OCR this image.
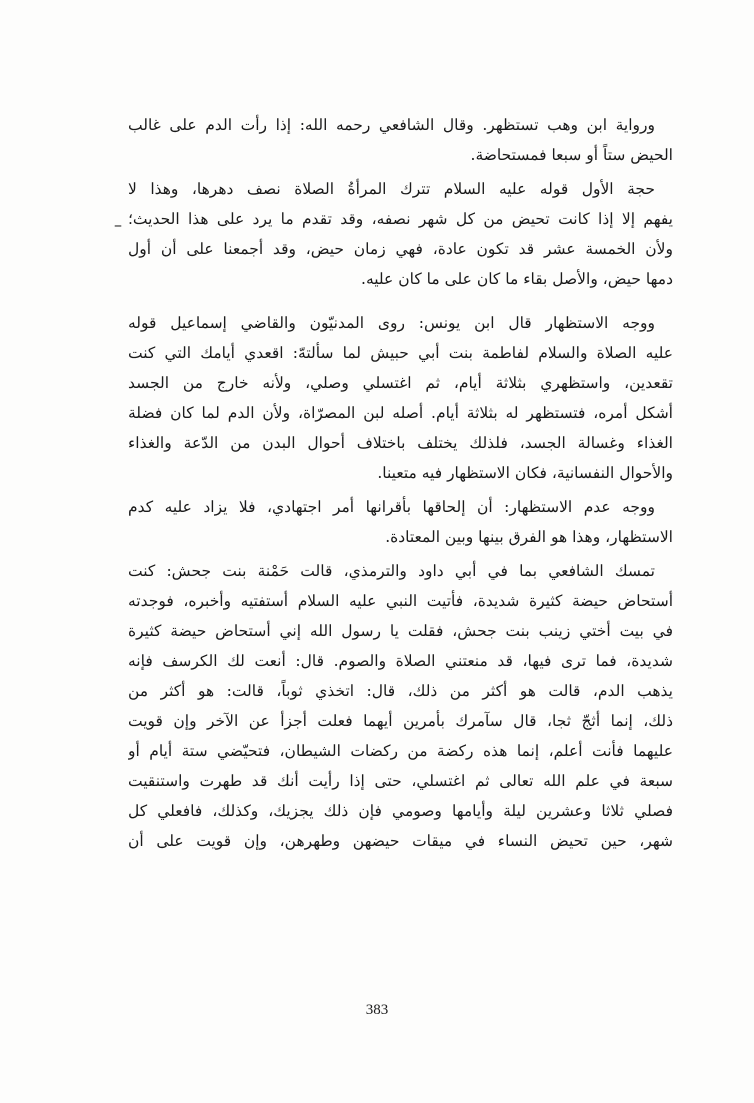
–

ورواية ابن وهب تستظهر. وقال الشافعي رحمه الله: إذا رأت الدم على غالب
الحيض ستاً أو سبعا فمستحاضة.

حجة الأول قوله عليه السلام تترك المرأةُ الصلاة نصف دهرها، وهذا لا
يفهم إلا إذا كانت تحيض من كل شهر نصفه، وقد تقدم ما يرد على هذا الحديث؛
ولأن الخمسة عشر قد تكون عادة، فهي زمان حيض، وقد أجمعنا على أن أول
دمها حيض، والأصل بقاء ما كان على ما كان عليه.

ووجه الاستظهار قال ابن يونس: روى المدنيّون والقاضي إسماعيل قوله
عليه الصلاة والسلام لفاطمة بنت أبي حبيش لما سألتهّ: اقعدي أيامك التي كنت
تقعدين، واستظهري بثلاثة أيام، ثم اغتسلي وصلي، ولأنه خارج من الجسد
أشكل أمره، فتستظهر له بثلاثة أيام. أصله لبن المصرّاة، ولأن الدم لما كان فضلة
الغذاء وغسالة الجسد، فلذلك يختلف باختلاف أحوال البدن من الدّعة والغذاء
والأحوال النفسانية، فكان الاستظهار فيه متعينا.

ووجه عدم الاستظهار: أن إلحاقها بأقرانها أمر اجتهادي، فلا يزاد عليه كدم
الاستظهار، وهذا هو الفرق بينها وبين المعتادة.

تمسك الشافعي بما في أبي داود والترمذي، قالت حَمْنة بنت جحش: كنت
أستحاض حيضة كثيرة شديدة، فأتيت النبي عليه السلام أستفتيه وأخبره، فوجدته
في بيت أختي زينب بنت جحش، فقلت يا رسول الله إني أستحاض حيضة كثيرة
شديدة، فما ترى فيها، قد منعتني الصلاة والصوم. قال: أنعت لك الكرسف فإنه
يذهب الدم، قالت هو أكثر من ذلك، قال: اتخذي ثوباً، قالت: هو أكثر من
ذلك، إنما أثجّ ثجا، قال سآمرك بأمرين أيهما فعلت أجزأ عن الآخر وإن قويت
عليهما فأنت أعلم، إنما هذه ركضة من ركضات الشيطان، فتحيّضي ستة أيام أو
سبعة في علم الله تعالى ثم اغتسلي، حتى إذا رأيت أنك قد طهرت واستنقيت
فصلي ثلاثا وعشرين ليلة وأيامها وصومي فإن ذلك يجزيك، وكذلك، فافعلي كل
شهر، حين تحيض النساء في ميقات حيضهن وطهرهن، وإن قويت على أن

383
